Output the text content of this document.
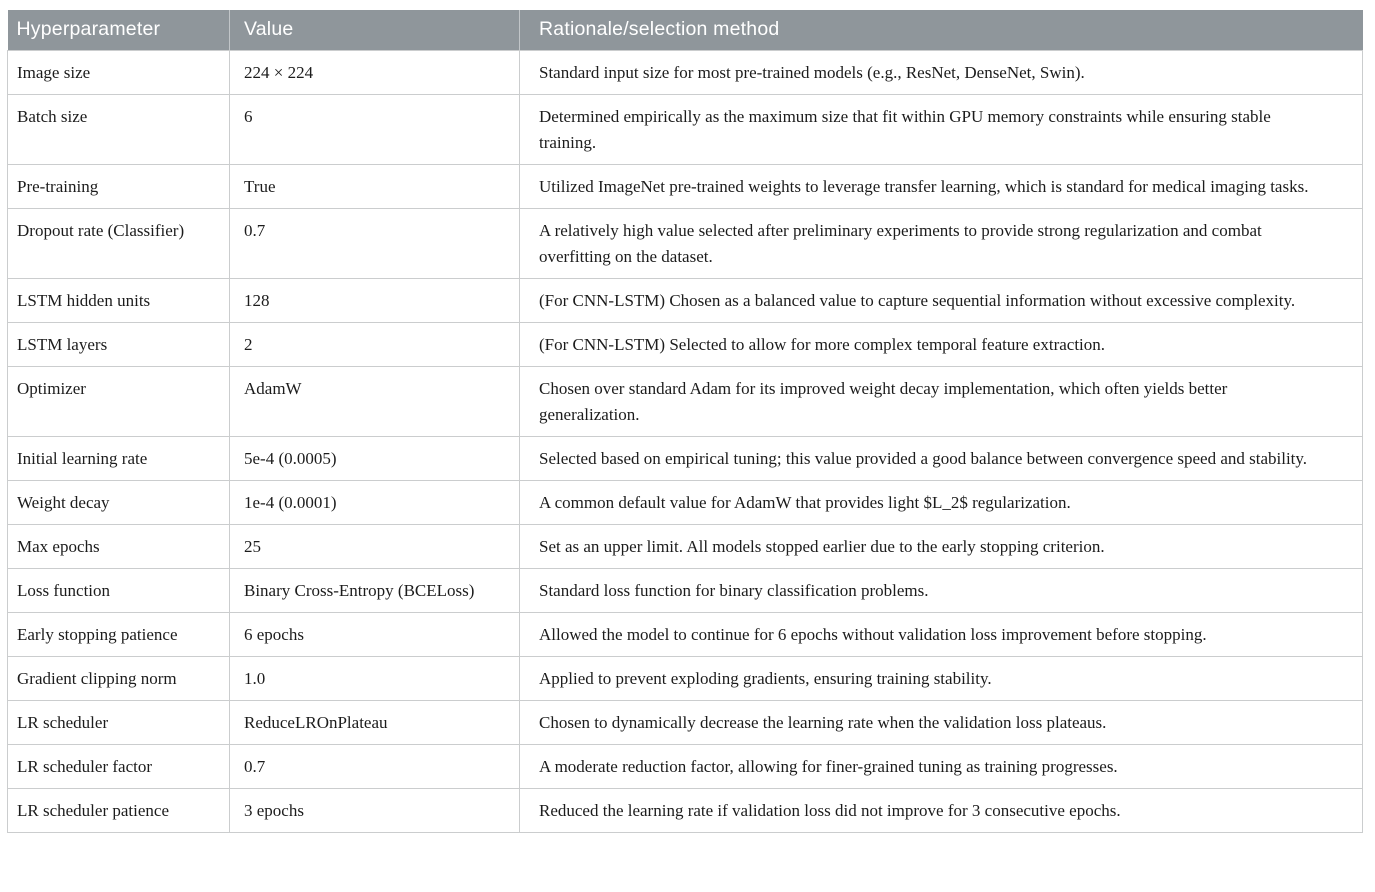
Hyperparameter	Value	Rationale/selection method
Image size	224 × 224	Standard input size for most pre-trained models (e.g., ResNet, DenseNet, Swin).
Batch size	6	Determined empirically as the maximum size that fit within GPU memory constraints while ensuring stable training.
Pre-training	True	Utilized ImageNet pre-trained weights to leverage transfer learning, which is standard for medical imaging tasks.
Dropout rate (Classifier)	0.7	A relatively high value selected after preliminary experiments to provide strong regularization and combat overfitting on the dataset.
LSTM hidden units	128	(For CNN-LSTM) Chosen as a balanced value to capture sequential information without excessive complexity.
LSTM layers	2	(For CNN-LSTM) Selected to allow for more complex temporal feature extraction.
Optimizer	AdamW	Chosen over standard Adam for its improved weight decay implementation, which often yields better generalization.
Initial learning rate	5e-4 (0.0005)	Selected based on empirical tuning; this value provided a good balance between convergence speed and stability.
Weight decay	1e-4 (0.0001)	A common default value for AdamW that provides light $L_2$ regularization.
Max epochs	25	Set as an upper limit. All models stopped earlier due to the early stopping criterion.
Loss function	Binary Cross-Entropy (BCELoss)	Standard loss function for binary classification problems.
Early stopping patience	6 epochs	Allowed the model to continue for 6 epochs without validation loss improvement before stopping.
Gradient clipping norm	1.0	Applied to prevent exploding gradients, ensuring training stability.
LR scheduler	ReduceLROnPlateau	Chosen to dynamically decrease the learning rate when the validation loss plateaus.
LR scheduler factor	0.7	A moderate reduction factor, allowing for finer-grained tuning as training progresses.
LR scheduler patience	3 epochs	Reduced the learning rate if validation loss did not improve for 3 consecutive epochs.
